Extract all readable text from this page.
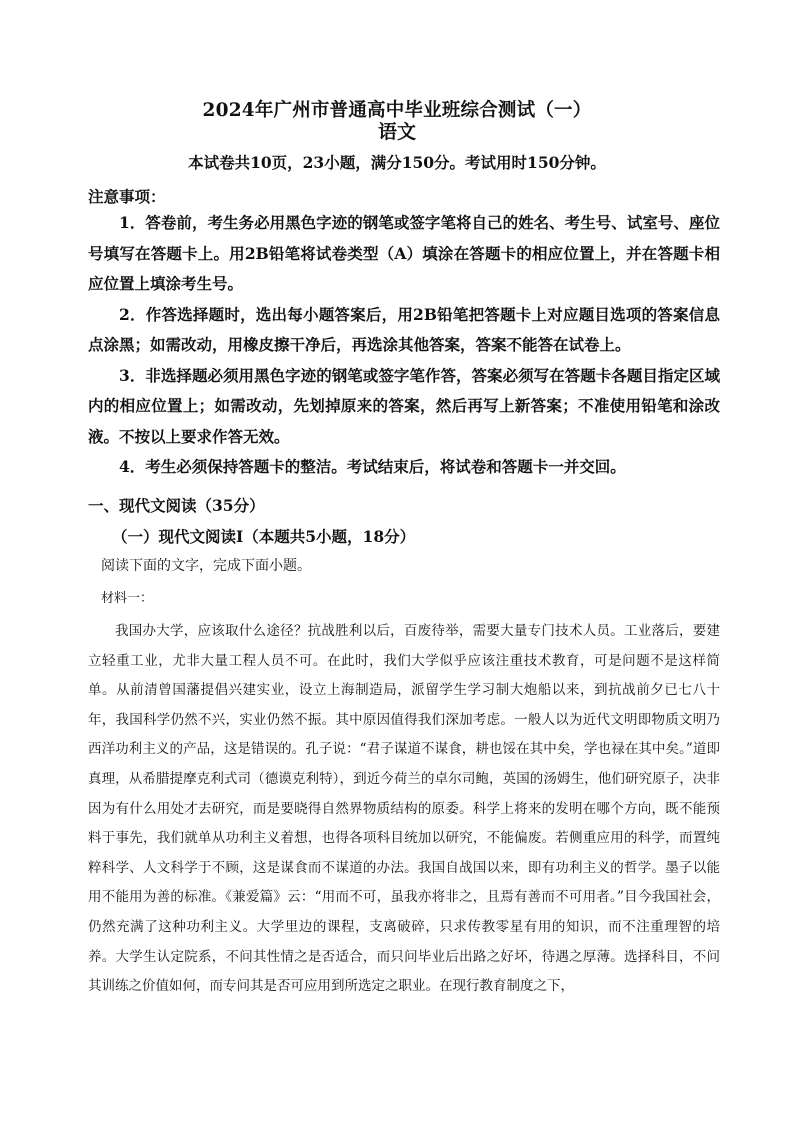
2024年广州市普通高中毕业班综合测试（一）
语文

本试卷共10页，23小题，满分150分。考试用时150分钟。

注意事项：

1．答卷前，考生务必用黑色字迹的钢笔或签字笔将自己的姓名、考生号、试室号、座位号填写在答题卡上。用2B铅笔将试卷类型（A）填涂在答题卡的相应位置上，并在答题卡相应位置上填涂考生号。
2．作答选择题时，选出每小题答案后，用2B铅笔把答题卡上对应题目选项的答案信息点涂黑；如需改动，用橡皮擦干净后，再选涂其他答案，答案不能答在试卷上。
3．非选择题必须用黑色字迹的钢笔或签字笔作答，答案必须写在答题卡各题目指定区域内的相应位置上；如需改动，先划掉原来的答案，然后再写上新答案；不准使用铅笔和涂改液。不按以上要求作答无效。
4．考生必须保持答题卡的整洁。考试结束后，将试卷和答题卡一并交回。

一、现代文阅读（35分）

（一）现代文阅读Ⅰ（本题共5小题，18分）

阅读下面的文字，完成下面小题。

材料一：

我国办大学，应该取什么途径？抗战胜利以后，百废待举，需要大量专门技术人员。工业落后，要建立轻重工业，尤非大量工程人员不可。在此时，我们大学似乎应该注重技术教育，可是问题不是这样简单。从前清曾国藩提倡兴建实业，设立上海制造局，派留学生学习制大炮船以来，到抗战前夕已七八十年，我国科学仍然不兴，实业仍然不振。其中原因值得我们深加考虑。一般人以为近代文明即物质文明乃西洋功利主义的产品，这是错误的。孔子说：“君子谋道不谋食，耕也馁在其中矣，学也禄在其中矣。”道即真理，从希腊提摩克利式司（德谟克利特），到近今荷兰的卓尔司鲍，英国的汤姆生，他们研究原子，决非因为有什么用处才去研究，而是要晓得自然界物质结构的原委。科学上将来的发明在哪个方向，既不能预料于事先，我们就单从功利主义着想，也得各项科目统加以研究，不能偏废。若侧重应用的科学，而置纯粹科学、人文科学于不顾，这是谋食而不谋道的办法。我国自战国以来，即有功利主义的哲学。墨子以能用不能用为善的标准。《兼爱篇》云：“用而不可，虽我亦将非之，且焉有善而不可用者。”目今我国社会，仍然充满了这种功利主义。大学里边的课程，支离破碎，只求传教零星有用的知识，而不注重理智的培养。大学生认定院系，不问其性情之是否适合，而只问毕业后出路之好坏，待遇之厚薄。选择科目，不问其训练之价值如何，而专问其是否可应用到所选定之职业。在现行教育制度之下，
